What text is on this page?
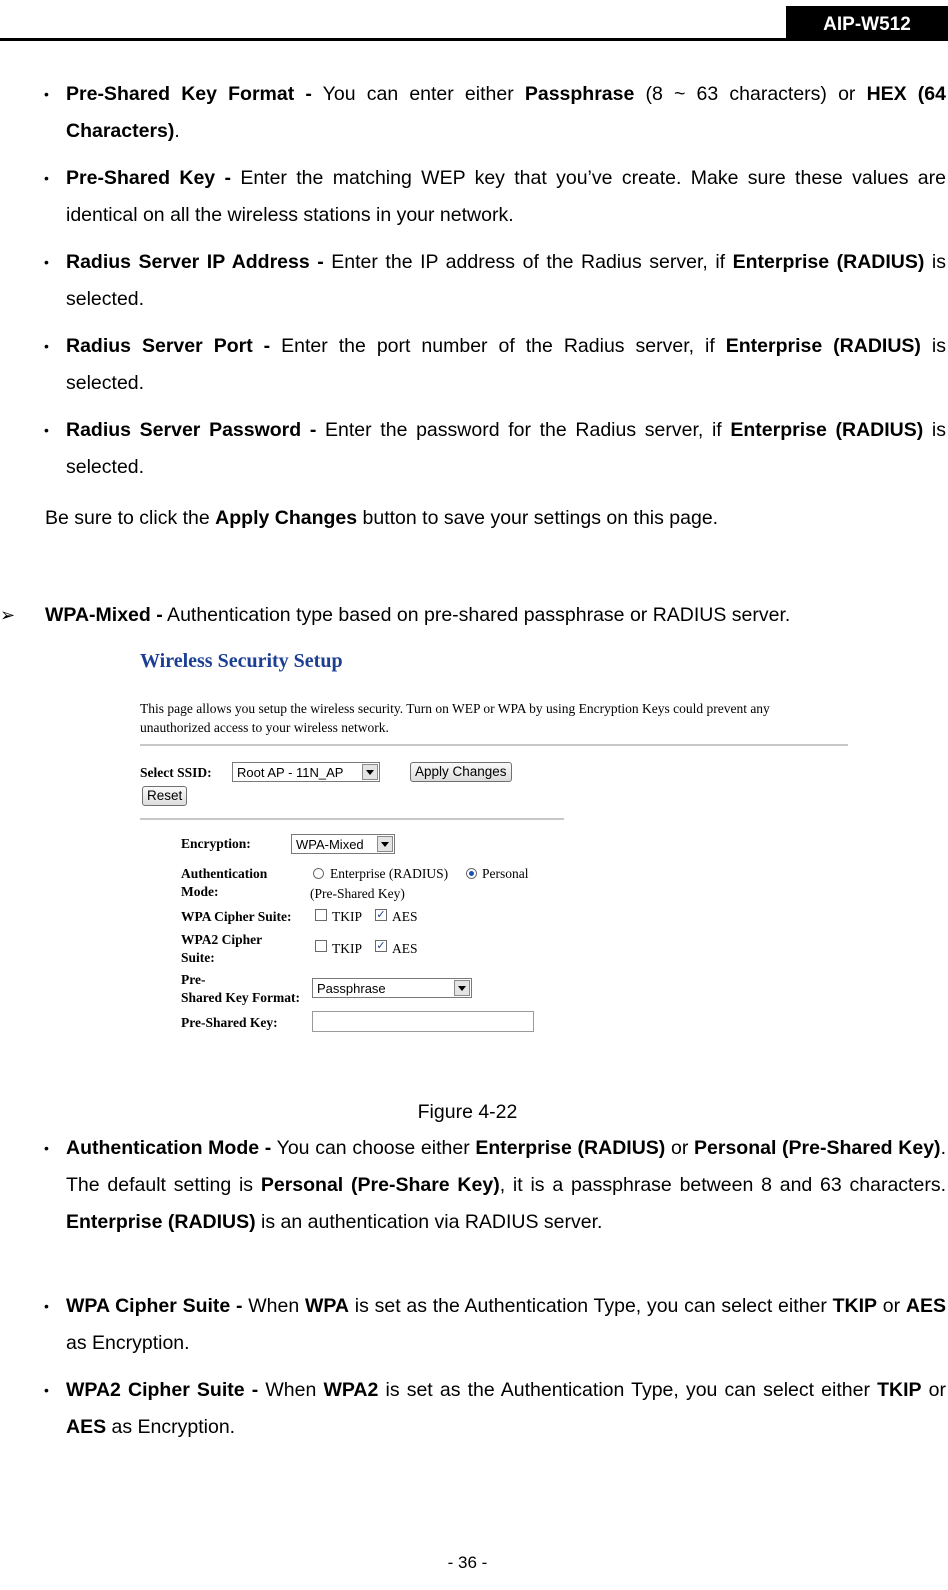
AIP-W512
• Pre-Shared Key Format - You can enter either Passphrase (8 ~ 63 characters) or HEX (64 Characters).
• Pre-Shared Key - Enter the matching WEP key that you’ve create. Make sure these values are identical on all the wireless stations in your network.
• Radius Server IP Address - Enter the IP address of the Radius server, if Enterprise (RADIUS) is selected.
• Radius Server Port - Enter the port number of the Radius server, if Enterprise (RADIUS) is selected.
• Radius Server Password - Enter the password for the Radius server, if Enterprise (RADIUS) is selected.
Be sure to click the Apply Changes button to save your settings on this page.
➢ WPA-Mixed - Authentication type based on pre-shared passphrase or RADIUS server.
Wireless Security Setup
This page allows you setup the wireless security. Turn on WEP or WPA by using Encryption Keys could prevent any unauthorized access to your wireless network.
Select SSID:	Root AP - 11N_AP	Apply Changes
Reset
Encryption:	WPA-Mixed
Authentication
Mode:
Enterprise (RADIUS)	Personal
(Pre-Shared Key)
WPA Cipher Suite:	TKIP ✓ AES
WPA2 Cipher
Suite:
TKIP ✓ AES
Pre-
Shared Key Format:
Passphrase
Pre-Shared Key:
Figure 4-22
• Authentication Mode - You can choose either Enterprise (RADIUS) or Personal (Pre-Shared Key). The default setting is Personal (Pre-Share Key), it is a passphrase between 8 and 63 characters. Enterprise (RADIUS) is an authentication via RADIUS server.
• WPA Cipher Suite - When WPA is set as the Authentication Type, you can select either TKIP or AES as Encryption.
• WPA2 Cipher Suite - When WPA2 is set as the Authentication Type, you can select either TKIP or AES as Encryption.
- 36 -
